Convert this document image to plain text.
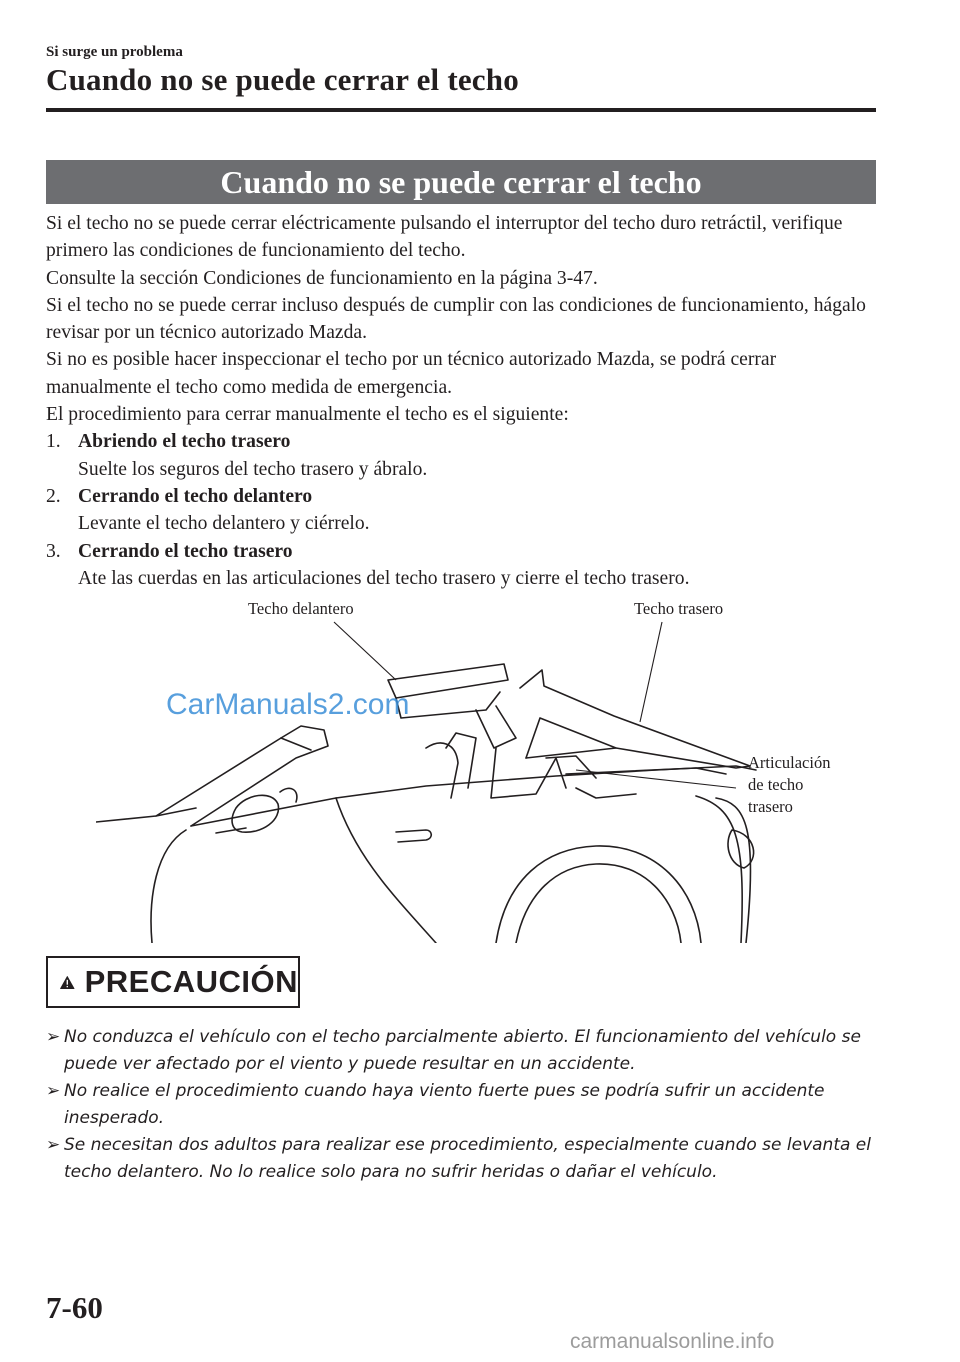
Si surge un problema
Cuando no se puede cerrar el techo
Cuando no se puede cerrar el techo

Si el techo no se puede cerrar eléctricamente pulsando el interruptor del techo duro retráctil, verifique primero las condiciones de funcionamiento del techo.

Consulte la sección Condiciones de funcionamiento en la página 3-47.

Si el techo no se puede cerrar incluso después de cumplir con las condiciones de funcionamiento, hágalo revisar por un técnico autorizado Mazda.

Si no es posible hacer inspeccionar el techo por un técnico autorizado Mazda, se podrá cerrar manualmente el techo como medida de emergencia.

El procedimiento para cerrar manualmente el techo es el siguiente:

1. Abriendo el techo trasero

Suelte los seguros del techo trasero y ábralo.

2. Cerrando el techo delantero

Levante el techo delantero y ciérrelo.

3. Cerrando el techo trasero

Ate las cuerdas en las articulaciones del techo trasero y cierre el techo trasero.

Techo delantero	Techo trasero
Articulación
de techo
trasero
CarManuals2.com
PRECAUCIÓN
➢ No conduzca el vehículo con el techo parcialmente abierto. El funcionamiento del vehículo se puede ver afectado por el viento y puede resultar en un accidente.
➢ No realice el procedimiento cuando haya viento fuerte pues se podría sufrir un accidente inesperado.
➢ Se necesitan dos adultos para realizar ese procedimiento, especialmente cuando se levanta el techo delantero. No lo realice solo para no sufrir heridas o dañar el vehículo.
7-60
carmanualsonline.info
